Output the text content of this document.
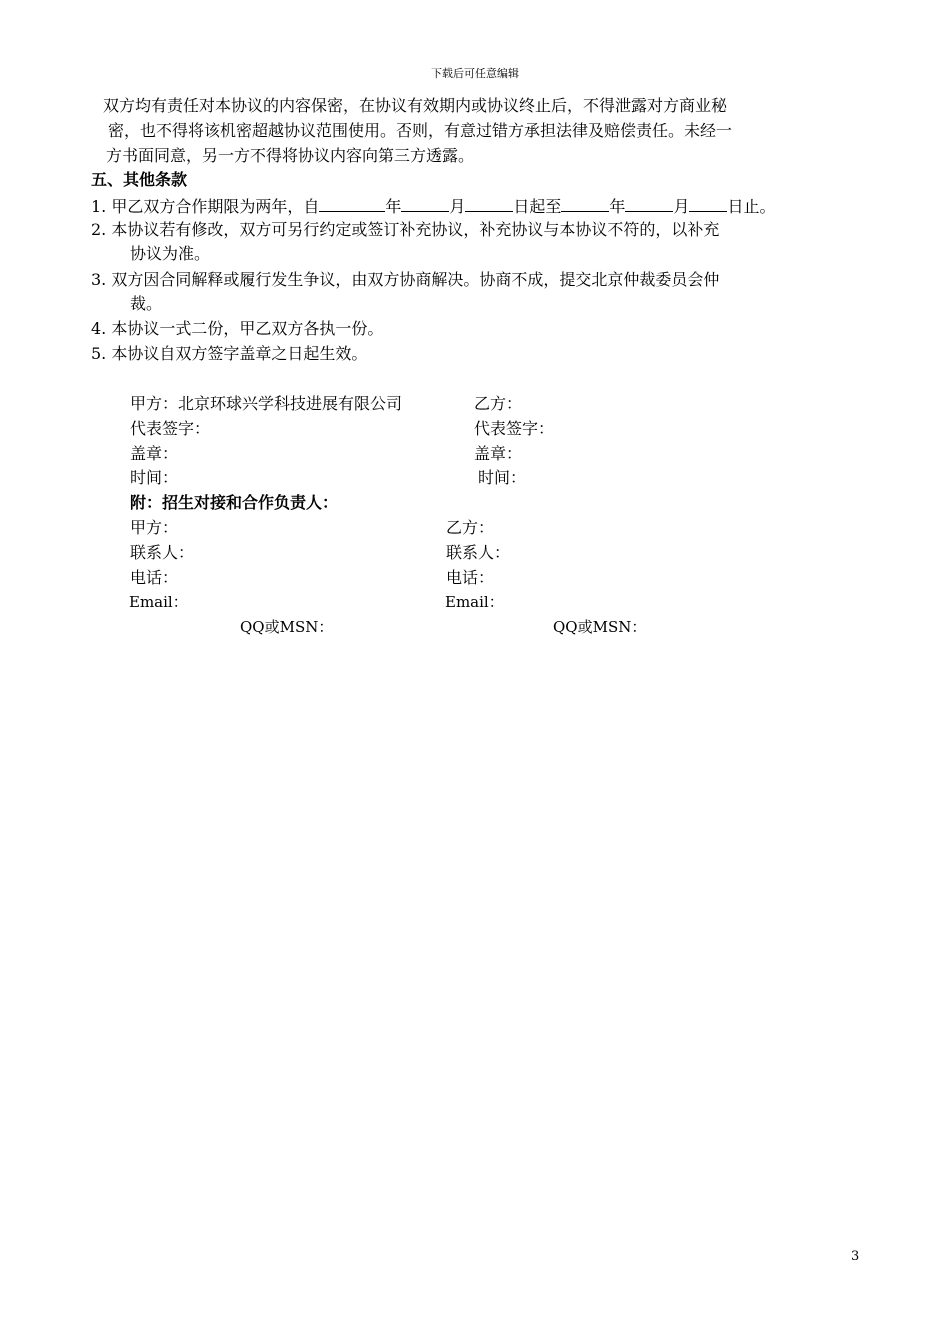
下载后可任意编辑
双方均有责任对本协议的内容保密，在协议有效期内或协议终止后，不得泄露对方商业秘
密，也不得将该机密超越协议范围使用。否则，有意过错方承担法律及赔偿责任。未经一
方书面同意，另一方不得将协议内容向第三方透露。
五、其他条款
1. 甲乙双方合作期限为两年，自	年	月	日起至	年	月 日止。
2. 本协议若有修改，双方可另行约定或签订补充协议，补充协议与本协议不符的，以补充
协议为准。
3. 双方因合同解释或履行发生争议，由双方协商解决。协商不成，提交北京仲裁委员会仲
裁。
4. 本协议一式二份，甲乙双方各执一份。
5. 本协议自双方签字盖章之日起生效。
甲方：北京环球兴学科技进展有限公司	乙方：
代表签字：	代表签字：
盖章：	盖章：
时间：	时间：
附：招生对接和合作负责人：
甲方：	乙方：
联系人：	联系人：
电话：	电话：
Email：	Email：
QQ或MSN：	QQ或MSN：
3
